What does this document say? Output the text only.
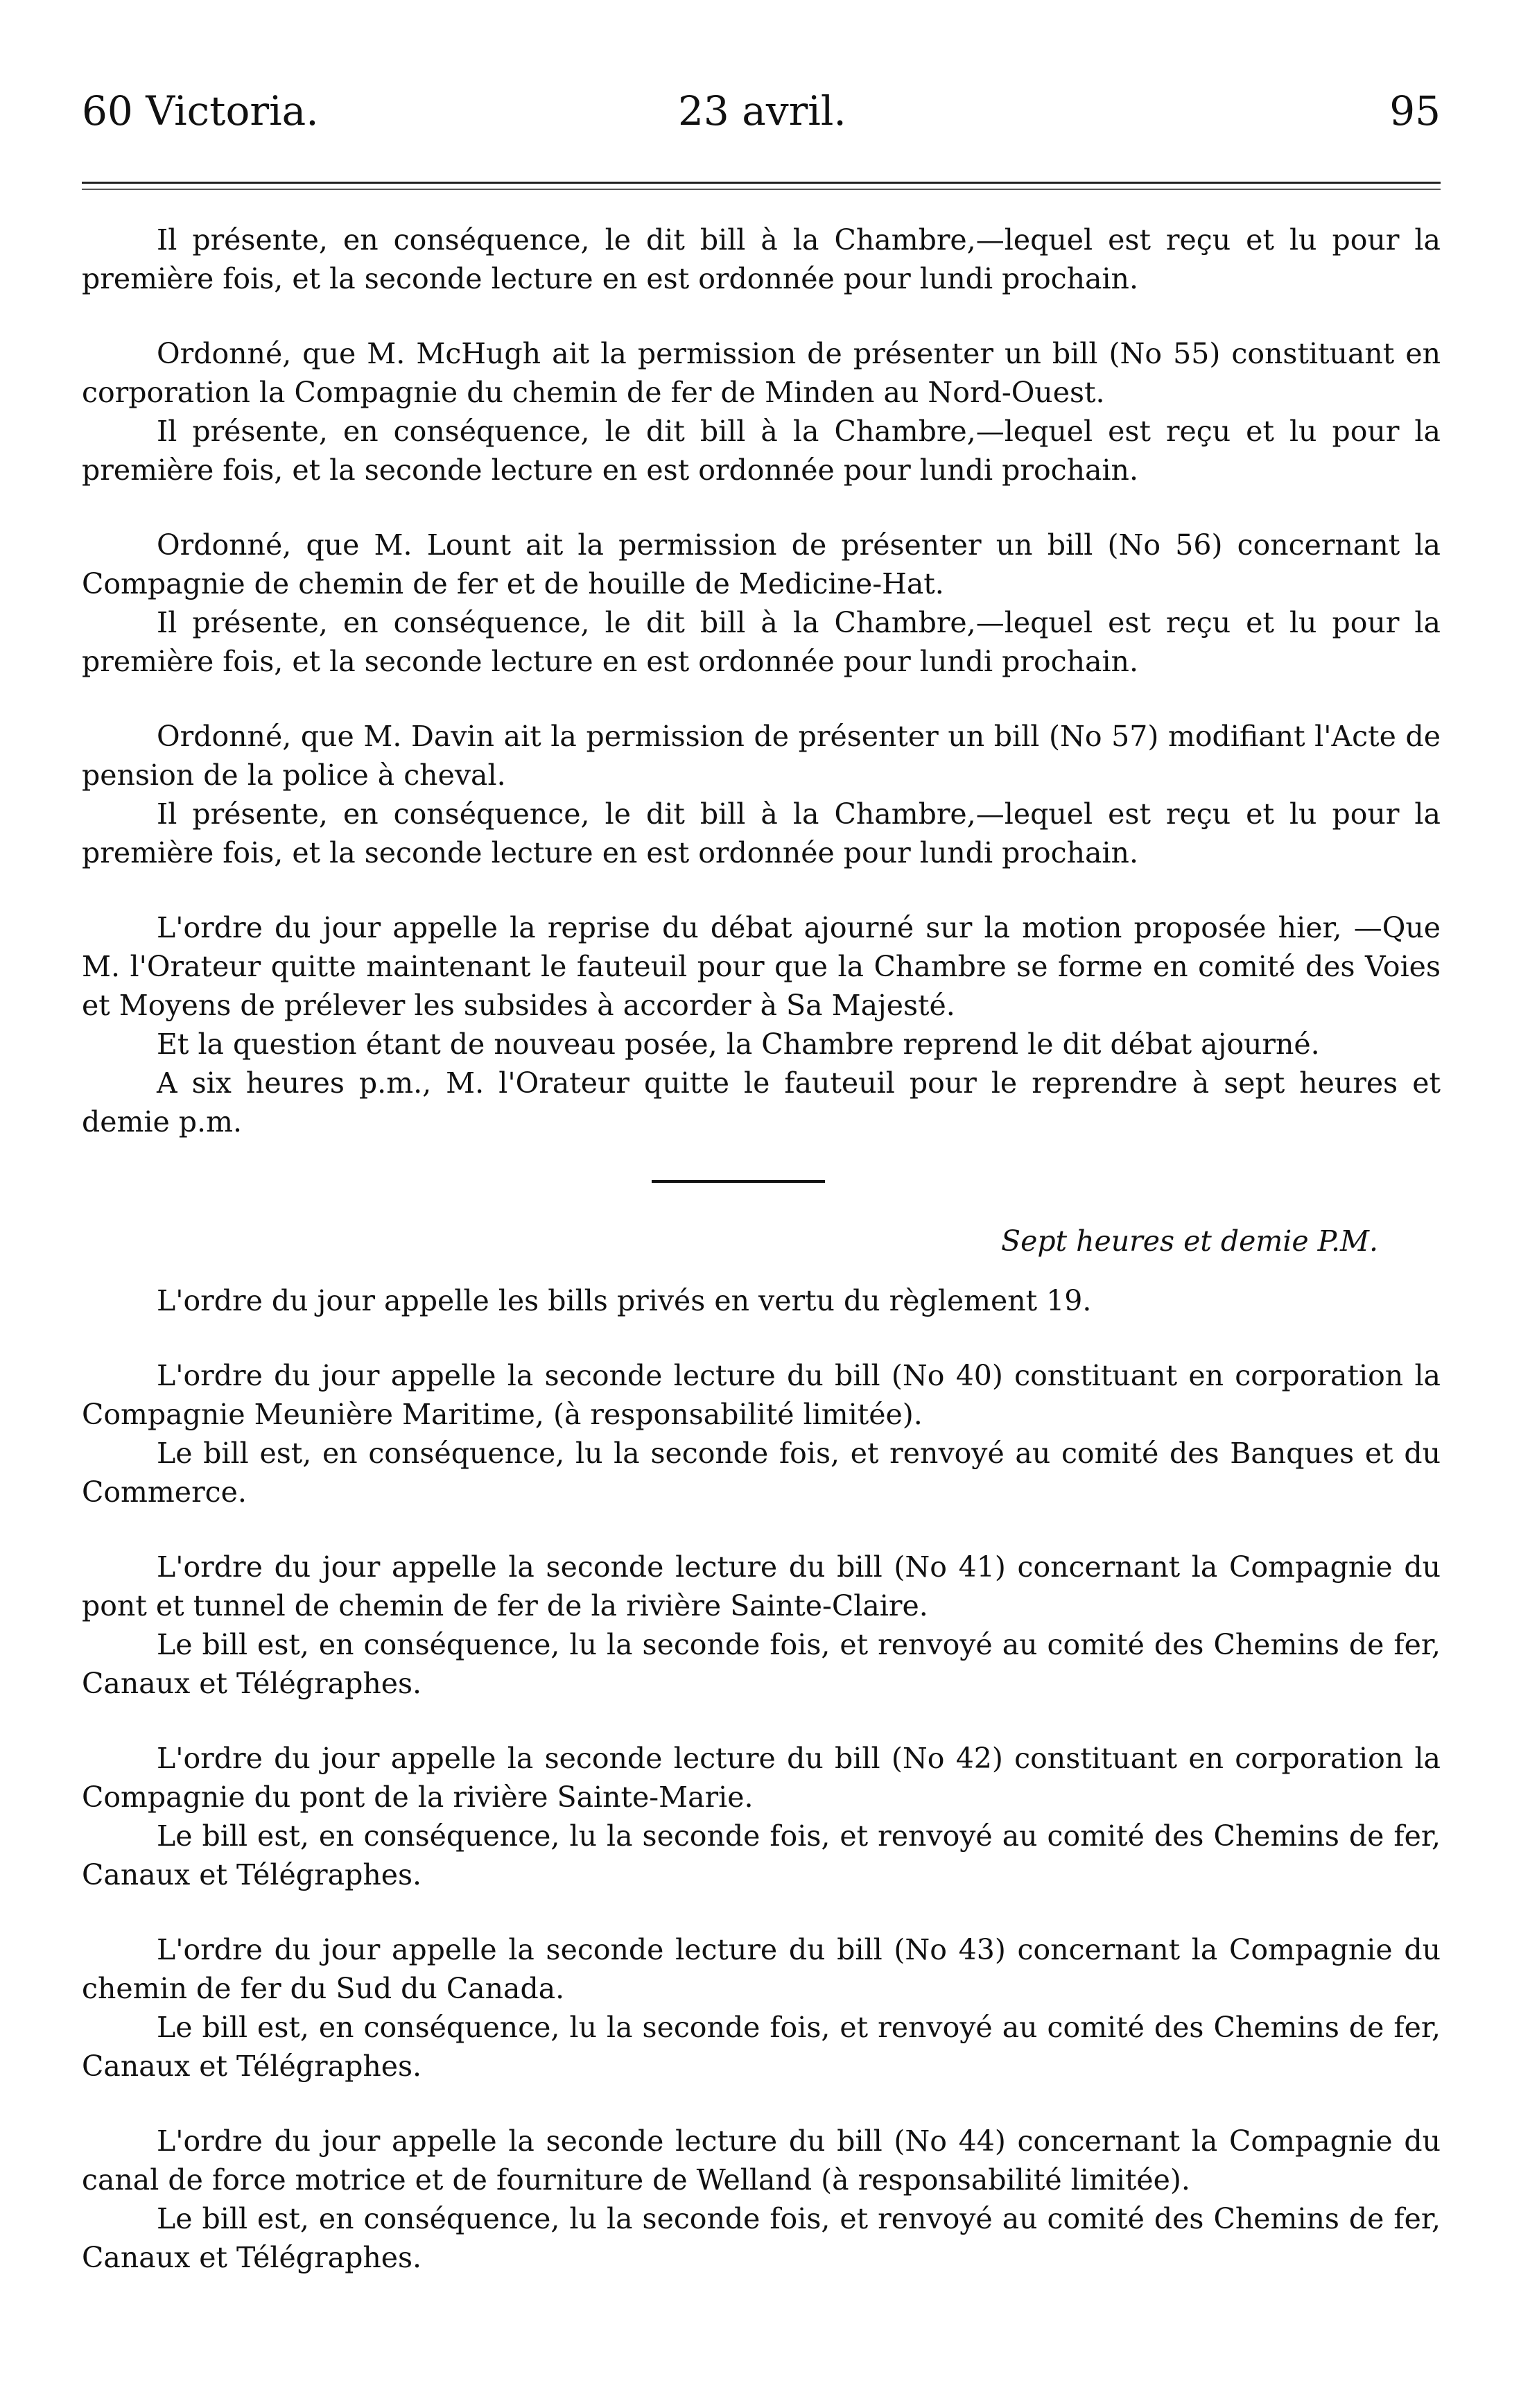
60 Victoria.	23 avril.	95

Il présente, en conséquence, le dit bill à la Chambre,—lequel est reçu et lu pour la première fois, et la seconde lecture en est ordonnée pour lundi prochain.

Ordonné, que M. McHugh ait la permission de présenter un bill (No 55) constituant en corporation la Compagnie du chemin de fer de Minden au Nord-Ouest.

Il présente, en conséquence, le dit bill à la Chambre,—lequel est reçu et lu pour la première fois, et la seconde lecture en est ordonnée pour lundi prochain.

Ordonné, que M. Lount ait la permission de présenter un bill (No 56) concernant la Compagnie de chemin de fer et de houille de Medicine-Hat.

Il présente, en conséquence, le dit bill à la Chambre,—lequel est reçu et lu pour la première fois, et la seconde lecture en est ordonnée pour lundi prochain.

Ordonné, que M. Davin ait la permission de présenter un bill (No 57) modifiant l'Acte de pension de la police à cheval.

Il présente, en conséquence, le dit bill à la Chambre,—lequel est reçu et lu pour la première fois, et la seconde lecture en est ordonnée pour lundi prochain.

L'ordre du jour appelle la reprise du débat ajourné sur la motion proposée hier, —Que M. l'Orateur quitte maintenant le fauteuil pour que la Chambre se forme en comité des Voies et Moyens de prélever les subsides à accorder à Sa Majesté.

Et la question étant de nouveau posée, la Chambre reprend le dit débat ajourné.

A six heures p.m., M. l'Orateur quitte le fauteuil pour le reprendre à sept heures et demie p.m.

Sept heures et demie P.M.

L'ordre du jour appelle les bills privés en vertu du règlement 19.

L'ordre du jour appelle la seconde lecture du bill (No 40) constituant en corporation la Compagnie Meunière Maritime, (à responsabilité limitée).

Le bill est, en conséquence, lu la seconde fois, et renvoyé au comité des Banques et du Commerce.

L'ordre du jour appelle la seconde lecture du bill (No 41) concernant la Compagnie du pont et tunnel de chemin de fer de la rivière Sainte-Claire.

Le bill est, en conséquence, lu la seconde fois, et renvoyé au comité des Chemins de fer, Canaux et Télégraphes.

L'ordre du jour appelle la seconde lecture du bill (No 42) constituant en corporation la Compagnie du pont de la rivière Sainte-Marie.

Le bill est, en conséquence, lu la seconde fois, et renvoyé au comité des Chemins de fer, Canaux et Télégraphes.

L'ordre du jour appelle la seconde lecture du bill (No 43) concernant la Compagnie du chemin de fer du Sud du Canada.

Le bill est, en conséquence, lu la seconde fois, et renvoyé au comité des Chemins de fer, Canaux et Télégraphes.

L'ordre du jour appelle la seconde lecture du bill (No 44) concernant la Compagnie du canal de force motrice et de fourniture de Welland (à responsabilité limitée).

Le bill est, en conséquence, lu la seconde fois, et renvoyé au comité des Chemins de fer, Canaux et Télégraphes.
